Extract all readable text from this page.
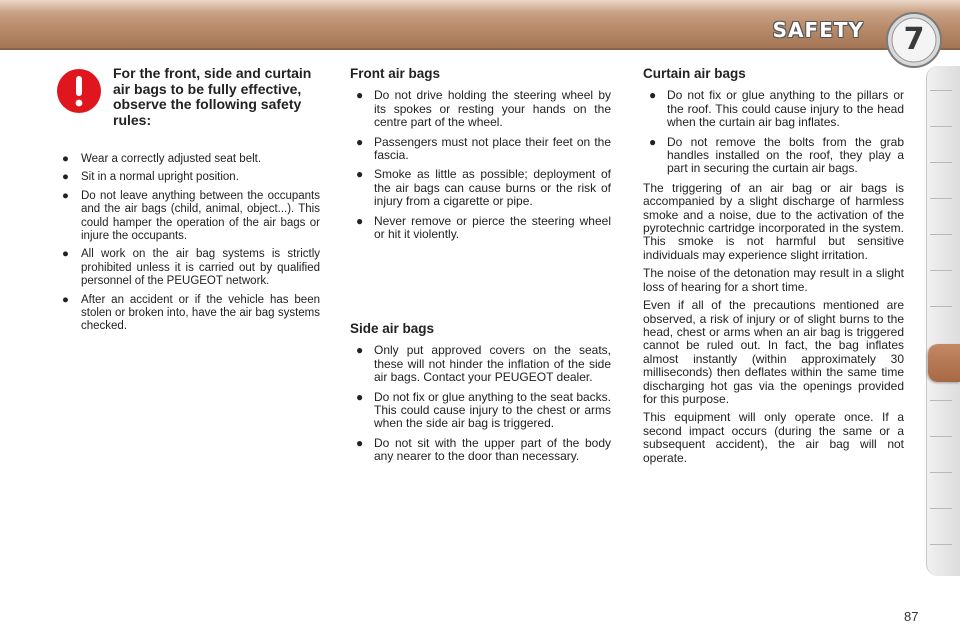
SAFETY	7
For the front, side and curtain air bags to be fully effective, observe the following safety rules:
● Wear a correctly adjusted seat belt.
● Sit in a normal upright position.
● Do not leave anything between the occupants and the air bags (child, animal, object...). This could hamper the operation of the air bags or injure the occupants.
● All work on the air bag systems is strictly prohibited unless it is carried out by qualified personnel of the PEUGEOT network.
● After an accident or if the vehicle has been stolen or broken into, have the air bag systems checked.
Front air bags
● Do not drive holding the steering wheel by its spokes or resting your hands on the centre part of the wheel.
● Passengers must not place their feet on the fascia.
● Smoke as little as possible; deployment of the air bags can cause burns or the risk of injury from a cigarette or pipe.
● Never remove or pierce the steering wheel or hit it violently.
Side air bags
● Only put approved covers on the seats, these will not hinder the inflation of the side air bags. Contact your PEUGEOT dealer.
● Do not fix or glue anything to the seat backs. This could cause injury to the chest or arms when the side air bag is triggered.
● Do not sit with the upper part of the body any nearer to the door than necessary.
Curtain air bags
● Do not fix or glue anything to the pillars or the roof. This could cause injury to the head when the curtain air bag inflates.
● Do not remove the bolts from the grab handles installed on the roof, they play a part in securing the curtain air bags.

The triggering of an air bag or air bags is accompanied by a slight discharge of harmless smoke and a noise, due to the activation of the pyrotechnic cartridge incorporated in the system. This smoke is not harmful but sensitive individuals may experience slight irritation.

The noise of the detonation may result in a slight loss of hearing for a short time.

Even if all of the precautions mentioned are observed, a risk of injury or of slight burns to the head, chest or arms when an air bag is triggered cannot be ruled out. In fact, the bag inflates almost instantly (within approximately 30 milliseconds) then deflates within the same time discharging hot gas via the openings provided for this purpose.

This equipment will only operate once. If a second impact occurs (during the same or a subsequent accident), the air bag will not operate.

87
